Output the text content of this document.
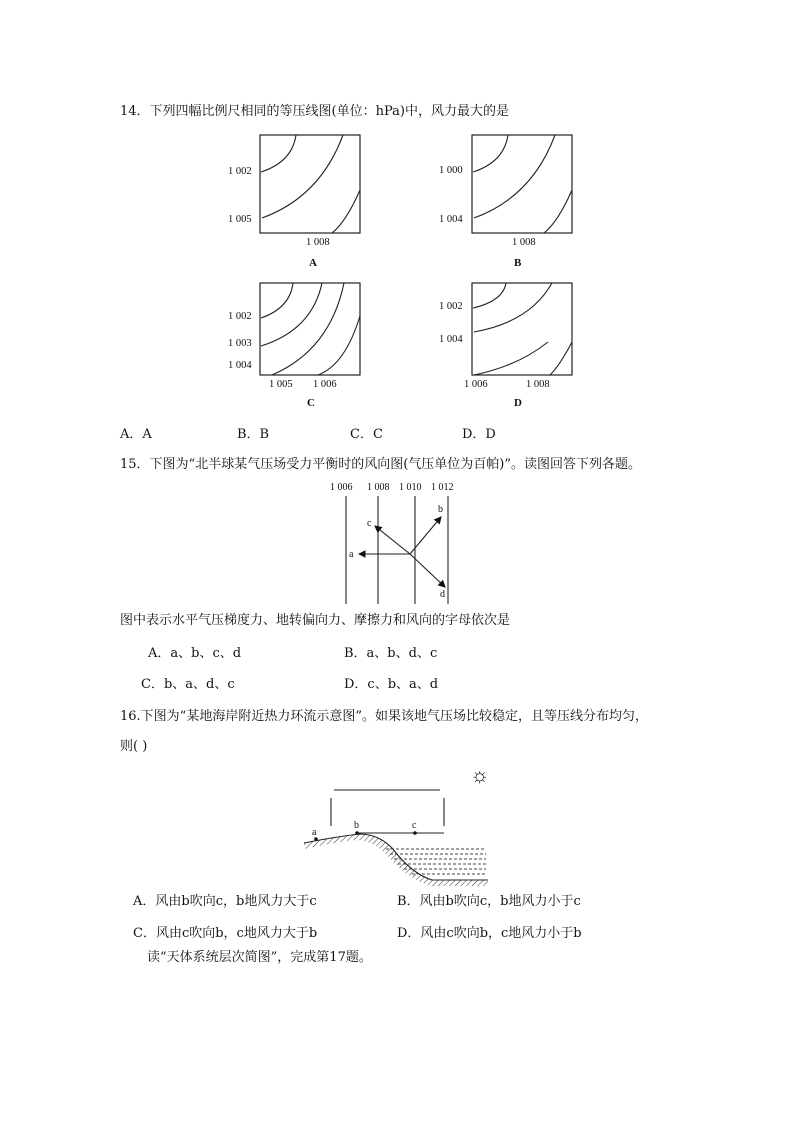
14．下列四幅比例尺相同的等压线图(单位：hPa)中，风力最大的是
1 002
1 005
1 008
A
1 000
1 004
1 008
B
1 002
1 003
1 004
1 005 1 006
C
1 002
1 004
1 006	1 008
D
A．A	B．B	C．C	D．D
15．下图为“北半球某气压场受力平衡时的风向图(气压单位为百帕)”。读图回答下列各题。
1 006 1 008 1 010 1 012
a
b
c
d
图中表示水平气压梯度力、地转偏向力、摩擦力和风向的字母依次是
A．a、b、c、d	B．a、b、d、c
C．b、a、d、c	D．c、b、a、d
16.下图为“某地海岸附近热力环流示意图”。如果该地气压场比较稳定，且等压线分布均匀，
则( )
a
b	c
☼
A．风由b吹向c，b地风力大于c	B．风由b吹向c，b地风力小于c
C．风由c吹向b，c地风力大于b	D．风由c吹向b，c地风力小于b
读“天体系统层次简图”，完成第17题。
